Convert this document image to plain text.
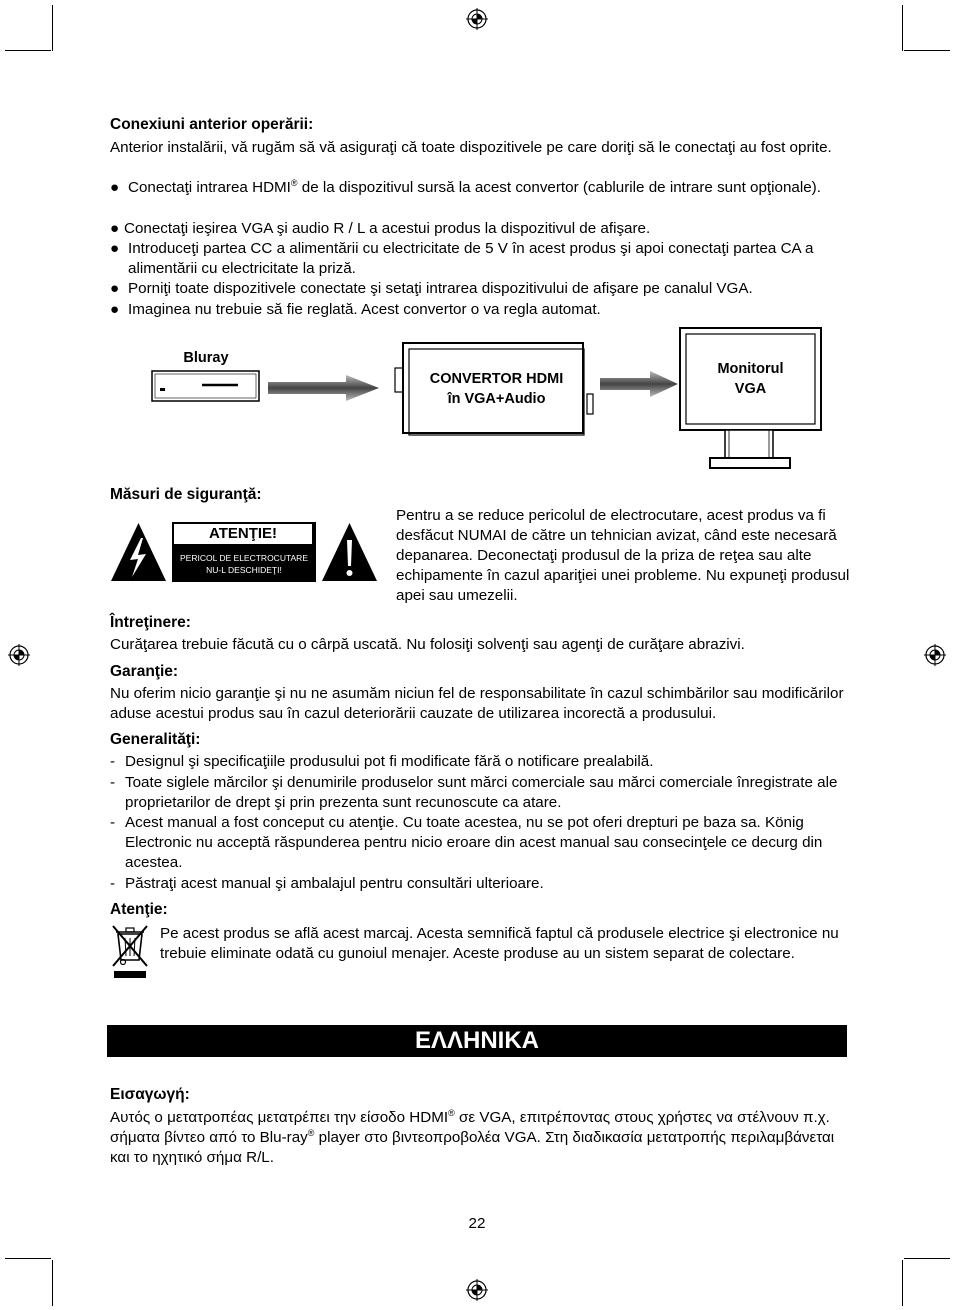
Conexiuni anterior operării:
Anterior instalării, vă rugăm să vă asiguraţi că toate dispozitivele pe care doriţi să le conectaţi au fost oprite.
● Conectaţi intrarea HDMI® de la dispozitivul sursă la acest convertor (cablurile de intrare sunt opţionale).
● Conectaţi ieşirea VGA şi audio R / L a acestui produs la dispozitivul de afişare.
● Introduceţi partea CC a alimentării cu electricitate de 5 V în acest produs şi apoi conectaţi partea CA a alimentării cu electricitate la priză.
● Porniţi toate dispozitivele conectate şi setaţi intrarea dispozitivului de afişare pe canalul VGA.
● Imaginea nu trebuie să fie reglată. Acest convertor o va regla automat.
Bluray
CONVERTOR HDMI
în VGA+Audio
Monitorul
VGA
Măsuri de siguranţă:
ATENŢIE!
PERICOL DE ELECTROCUTARE
NU-L DESCHIDEŢI!
Pentru a se reduce pericolul de electrocutare, acest produs va fi desfăcut NUMAI de către un tehnician avizat, când este necesară depanarea. Deconectaţi produsul de la priza de reţea sau alte echipamente în cazul apariţiei unei probleme. Nu expuneţi produsul apei sau umezelii.
Întreţinere:
Curăţarea trebuie făcută cu o cârpă uscată. Nu folosiţi solvenţi sau agenţi de curăţare abrazivi.
Garanţie:
Nu oferim nicio garanţie şi nu ne asumăm niciun fel de responsabilitate în cazul schimbărilor sau modificărilor aduse acestui produs sau în cazul deteriorării cauzate de utilizarea incorectă a produsului.
Generalităţi:
- Designul şi specificaţiile produsului pot fi modificate fără o notificare prealabilă.
- Toate siglele mărcilor şi denumirile produselor sunt mărci comerciale sau mărci comerciale înregistrate ale proprietarilor de drept şi prin prezenta sunt recunoscute ca atare.
- Acest manual a fost conceput cu atenţie. Cu toate acestea, nu se pot oferi drepturi pe baza sa. König Electronic nu acceptă răspunderea pentru nicio eroare din acest manual sau consecinţele ce decurg din acestea.
- Păstraţi acest manual şi ambalajul pentru consultări ulterioare.
Atenţie:
Pe acest produs se află acest marcaj. Acesta semnifică faptul că produsele electrice şi electronice nu trebuie eliminate odată cu gunoiul menajer. Aceste produse au un sistem separat de colectare.
ΕΛΛΗΝΙΚΑ
Εισαγωγή:
Αυτός ο μετατροπέας μετατρέπει την είσοδο HDMI® σε VGA, επιτρέποντας στους χρήστες να στέλνουν π.χ. σήματα βίντεο από το Blu-ray® player στο βιντεοπροβολέα VGA. Στη διαδικασία μετατροπής περιλαμβάνεται και το ηχητικό σήμα R/L.
22
